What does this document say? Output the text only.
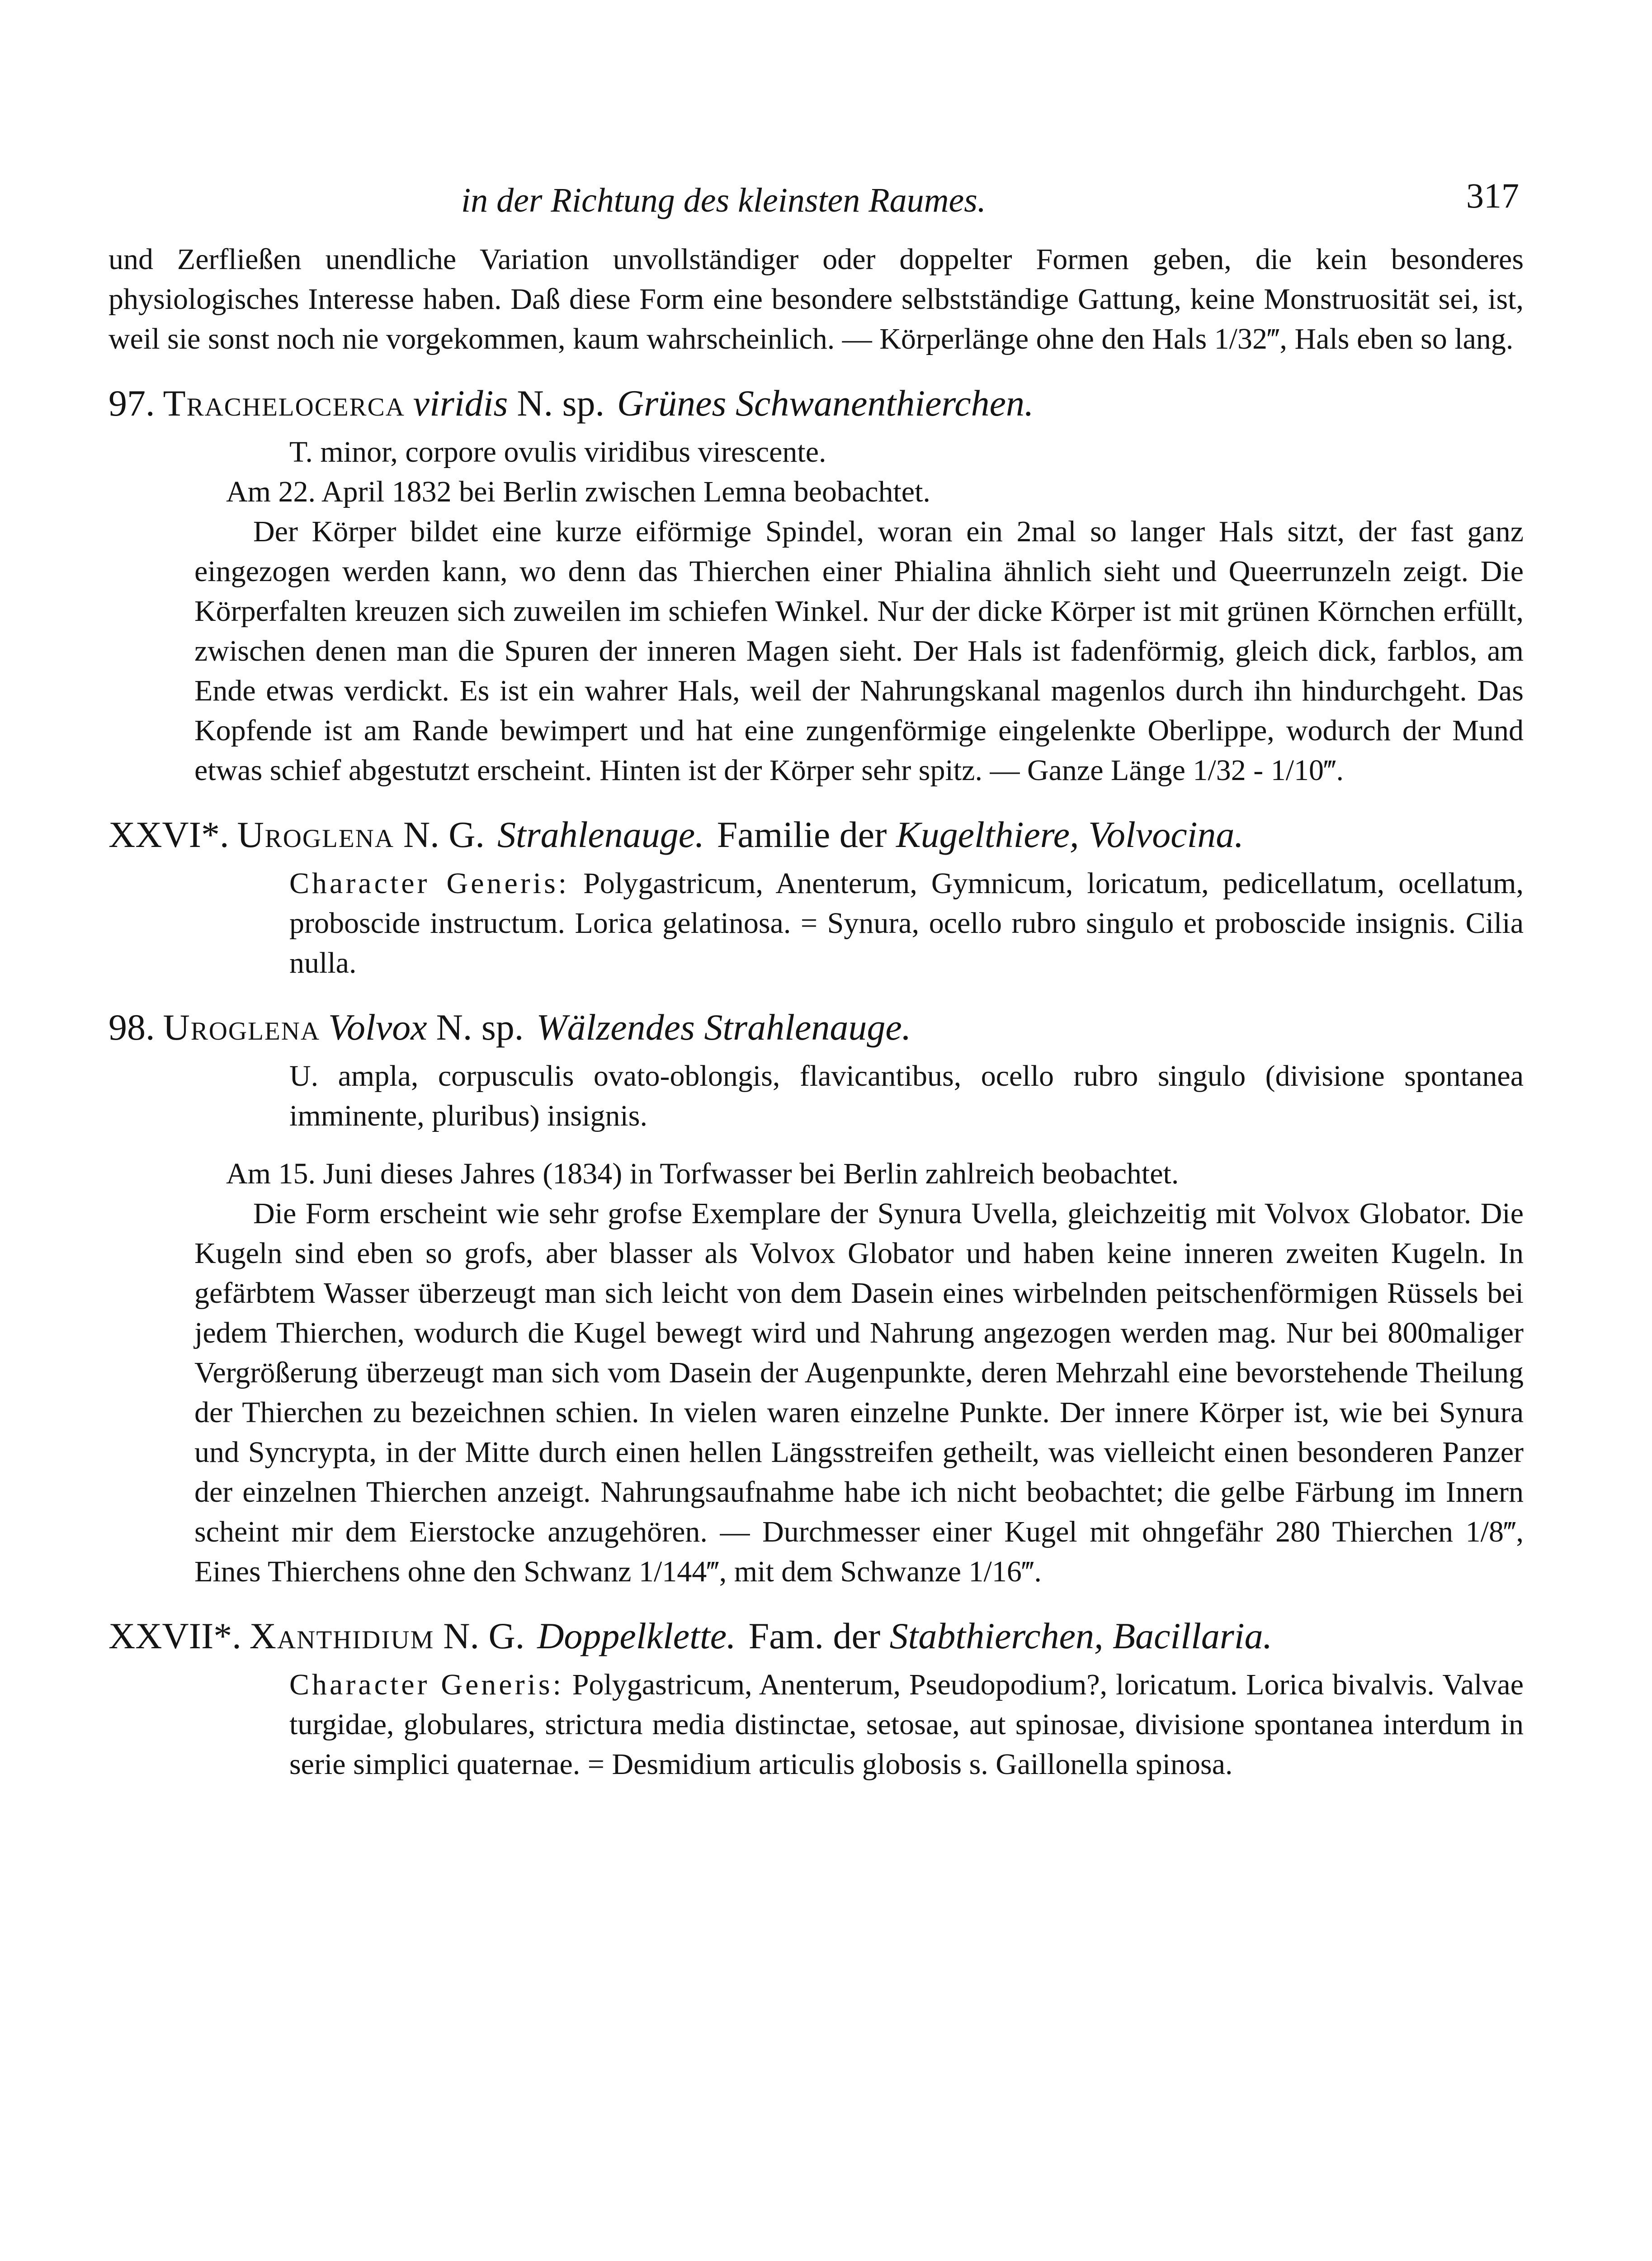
in der Richtung des kleinsten Raumes.	317

und Zerfließen unendliche Variation unvollständiger oder doppelter Formen geben, die kein besonderes physiologisches Interesse haben. Daß diese Form eine besondere selbstständige Gattung, keine Monstruosität sei, ist, weil sie sonst noch nie vorgekommen, kaum wahrscheinlich. — Körperlänge ohne den Hals 1/32‴, Hals eben so lang.

97. Trachelocerca viridis N. sp. Grünes Schwanenthierchen.

T. minor, corpore ovulis viridibus virescente.

Am 22. April 1832 bei Berlin zwischen Lemna beobachtet.

Der Körper bildet eine kurze eiförmige Spindel, woran ein 2mal so langer Hals sitzt, der fast ganz eingezogen werden kann, wo denn das Thierchen einer Phialina ähnlich sieht und Queerrunzeln zeigt. Die Körperfalten kreuzen sich zuweilen im schiefen Winkel. Nur der dicke Körper ist mit grünen Körnchen erfüllt, zwischen denen man die Spuren der inneren Magen sieht. Der Hals ist fadenförmig, gleich dick, farblos, am Ende etwas verdickt. Es ist ein wahrer Hals, weil der Nahrungskanal magenlos durch ihn hindurchgeht. Das Kopfende ist am Rande bewimpert und hat eine zungenförmige eingelenkte Oberlippe, wodurch der Mund etwas schief abgestutzt erscheint. Hinten ist der Körper sehr spitz. — Ganze Länge 1/32 - 1/10‴.

XXVI*. Uroglena N. G. Strahlenauge. Familie der Kugelthiere, Volvocina.

Character Generis: Polygastricum, Anenterum, Gymnicum, loricatum, pedicellatum, ocellatum, proboscide instructum. Lorica gelatinosa. = Synura, ocello rubro singulo et proboscide insignis. Cilia nulla.

98. Uroglena Volvox N. sp. Wälzendes Strahlenauge.

U. ampla, corpusculis ovato-oblongis, flavicantibus, ocello rubro singulo (divisione spontanea imminente, pluribus) insignis.

Am 15. Juni dieses Jahres (1834) in Torfwasser bei Berlin zahlreich beobachtet.

Die Form erscheint wie sehr grofse Exemplare der Synura Uvella, gleichzeitig mit Volvox Globator. Die Kugeln sind eben so grofs, aber blasser als Volvox Globator und haben keine inneren zweiten Kugeln. In gefärbtem Wasser überzeugt man sich leicht von dem Dasein eines wirbelnden peitschenförmigen Rüssels bei jedem Thierchen, wodurch die Kugel bewegt wird und Nahrung angezogen werden mag. Nur bei 800maliger Vergrößerung überzeugt man sich vom Dasein der Augenpunkte, deren Mehrzahl eine bevorstehende Theilung der Thierchen zu bezeichnen schien. In vielen waren einzelne Punkte. Der innere Körper ist, wie bei Synura und Syncrypta, in der Mitte durch einen hellen Längsstreifen getheilt, was vielleicht einen besonderen Panzer der einzelnen Thierchen anzeigt. Nahrungsaufnahme habe ich nicht beobachtet; die gelbe Färbung im Innern scheint mir dem Eierstocke anzugehören. — Durchmesser einer Kugel mit ohngefähr 280 Thierchen 1/8‴, Eines Thierchens ohne den Schwanz 1/144‴, mit dem Schwanze 1/16‴.

XXVII*. Xanthidium N. G. Doppelklette. Fam. der Stabthierchen, Bacillaria.

Character Generis: Polygastricum, Anenterum, Pseudopodium?, loricatum. Lorica bivalvis. Valvae turgidae, globulares, strictura media distinctae, setosae, aut spinosae, divisione spontanea interdum in serie simplici quaternae. = Desmidium articulis globosis s. Gaillonella spinosa.
